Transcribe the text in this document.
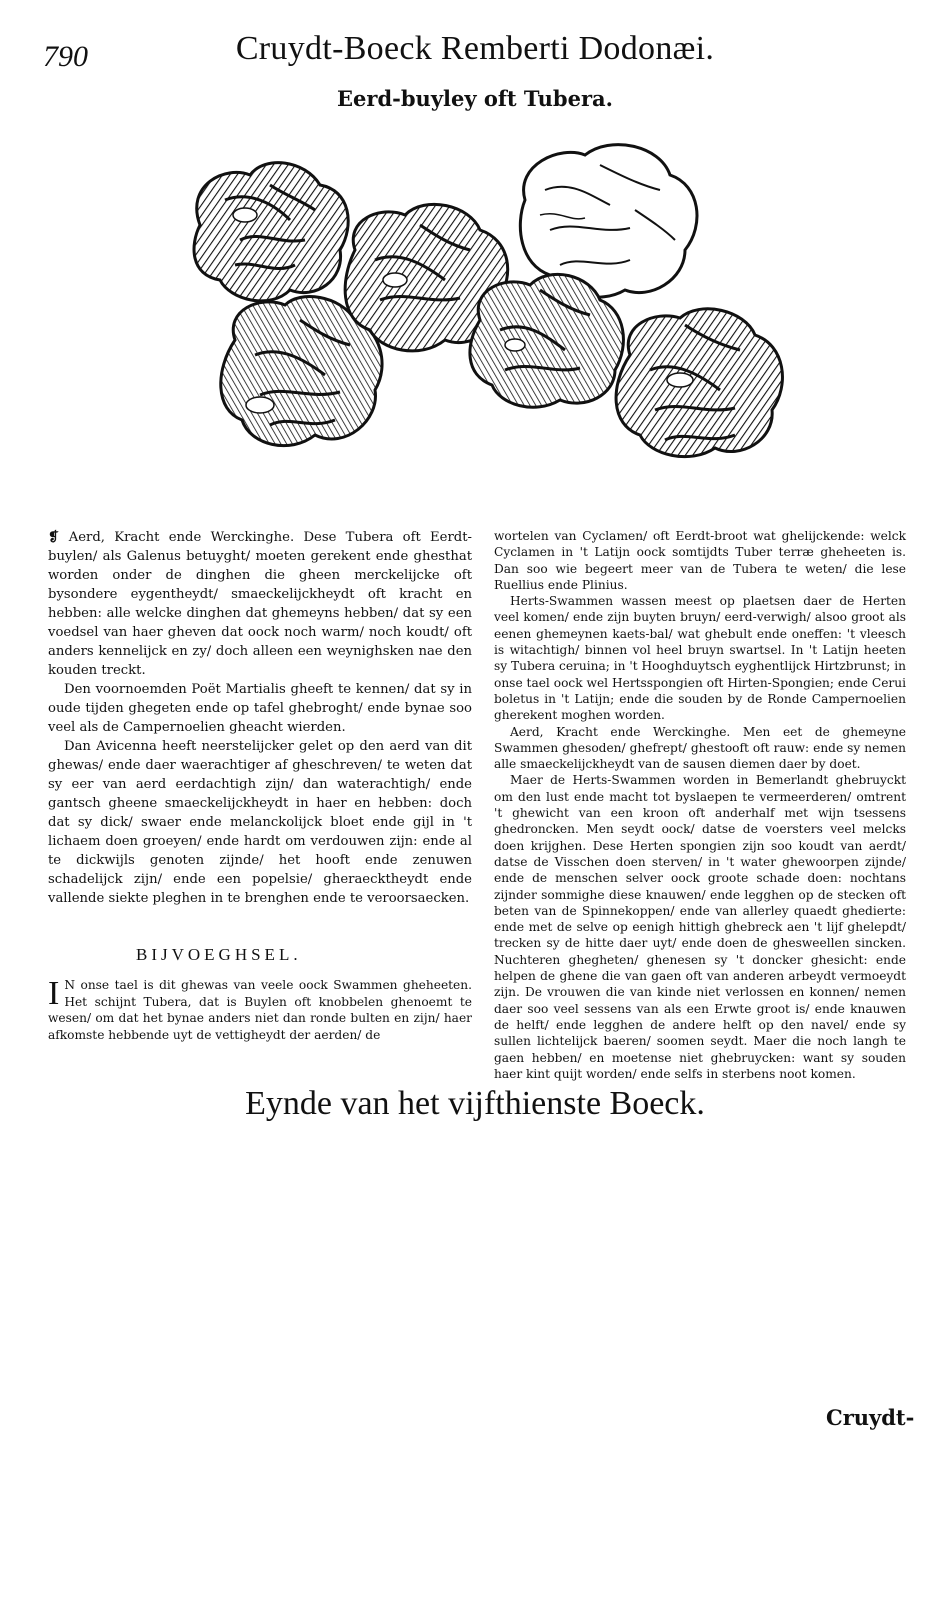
790	Cruydt-Boeck Remberti Dodonæi.
Eerd-buyley oft Tubera.

❡ Aerd, Kracht ende Werckinghe. Dese Tubera oft Eerdt-buylen/ als Galenus betuyght/ moeten gerekent ende ghesthat worden onder de dinghen die gheen merckelijcke oft bysondere eygentheydt/ smaeckelijckheydt oft kracht en hebben: alle welcke dinghen dat ghemeyns hebben/ dat sy een voedsel van haer gheven dat oock noch warm/ noch koudt/ oft anders kennelijck en zy/ doch alleen een weynighsken nae den kouden treckt.

Den voornoemden Poët Martialis gheeft te kennen/ dat sy in oude tijden ghegeten ende op tafel ghebroght/ ende bynae soo veel als de Campernoelien gheacht wierden.

Dan Avicenna heeft neerstelijcker gelet op den aerd van dit ghewas/ ende daer waerachtiger af gheschreven/ te weten dat sy eer van aerd eerdachtigh zijn/ dan waterachtigh/ ende gantsch gheene smaeckelijckheydt in haer en hebben: doch dat sy dick/ swaer ende melanckolijck bloet ende gijl in 't lichaem doen groeyen/ ende hardt om verdouwen zijn: ende al te dickwijls genoten zijnde/ het hooft ende zenuwen schadelijck zijn/ ende een popelsie/ gheraecktheydt ende vallende siekte pleghen in te brenghen ende te veroorsaecken.

BIJVOEGHSEL.
I N onse tael is dit ghewas van veele oock Swammen gheheeten. Het schijnt Tubera, dat is Buylen oft knobbelen ghenoemt te wesen/ om dat het bynae anders niet dan ronde bulten en zijn/ haer afkomste hebbende uyt de vettigheydt der aerden/ de

wortelen van Cyclamen/ oft Eerdt-broot wat ghelijckende: welck Cyclamen in 't Latijn oock somtijdts Tuber terræ gheheeten is. Dan soo wie begeert meer van de Tubera te weten/ die lese Ruellius ende Plinius.

Herts-Swammen wassen meest op plaetsen daer de Herten veel komen/ ende zijn buyten bruyn/ eerd-verwigh/ alsoo groot als eenen ghemeynen kaets-bal/ wat ghebult ende oneffen: 't vleesch is witachtigh/ binnen vol heel bruyn swartsel. In 't Latijn heeten sy Tubera ceruina; in 't Hooghduytsch eyghentlijck Hirtzbrunst; in onse tael oock wel Hertsspongien oft Hirten-Spongien; ende Cerui boletus in 't Latijn; ende die souden by de Ronde Campernoelien gherekent moghen worden.

Aerd, Kracht ende Werckinghe. Men eet de ghemeyne Swammen ghesoden/ ghefrept/ ghestooft oft rauw: ende sy nemen alle smaeckelijckheydt van de sausen diemen daer by doet.

Maer de Herts-Swammen worden in Bemerlandt ghebruyckt om den lust ende macht tot byslaepen te vermeerderen/ omtrent 't ghewicht van een kroon oft anderhalf met wijn tsessens ghedroncken. Men seydt oock/ datse de voersters veel melcks doen krijghen. Dese Herten spongien zijn soo koudt van aerdt/ datse de Visschen doen sterven/ in 't water ghewoorpen zijnde/ ende de menschen selver oock groote schade doen: nochtans zijnder sommighe diese knauwen/ ende legghen op de stecken oft beten van de Spinnekoppen/ ende van allerley quaedt ghedierte: ende met de selve op eenigh hittigh ghebreck aen 't lijf ghelepdt/ trecken sy de hitte daer uyt/ ende doen de ghesweellen sincken. Nuchteren ghegheten/ ghenesen sy 't doncker ghesicht: ende helpen de ghene die van gaen oft van anderen arbeydt vermoeydt zijn. De vrouwen die van kinde niet verlossen en konnen/ nemen daer soo veel sessens van als een Erwte groot is/ ende knauwen de helft/ ende legghen de andere helft op den navel/ ende sy sullen lichtelijck baeren/ soomen seydt. Maer die noch langh te gaen hebben/ en moetense niet ghebruycken: want sy souden haer kint quijt worden/ ende selfs in sterbens noot komen.

Eynde van het vijfthienste Boeck.
Cruydt-
